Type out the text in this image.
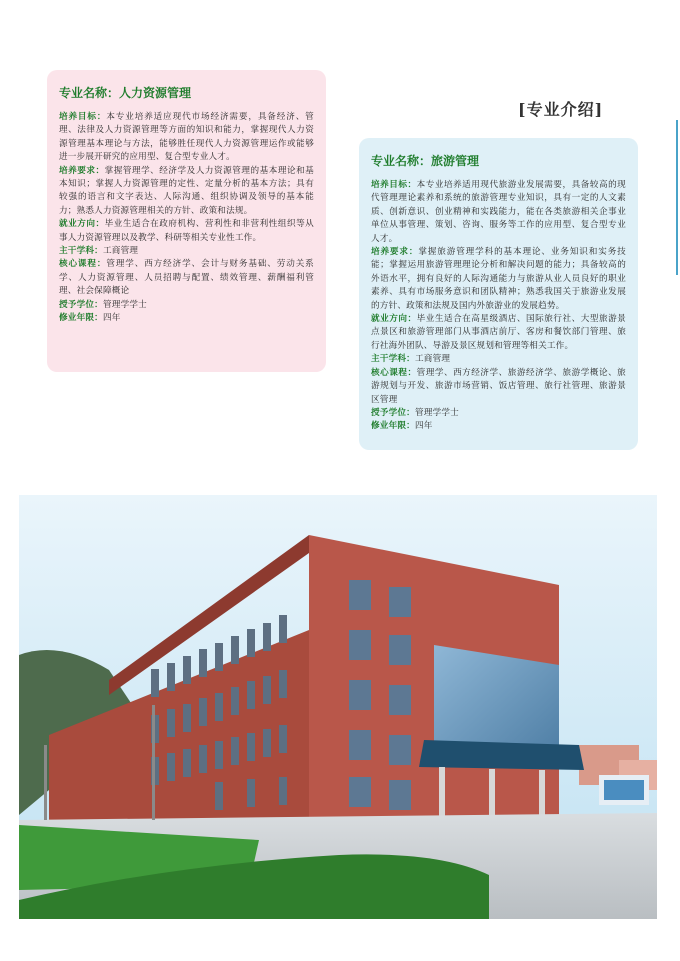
[专业介绍]
专业名称：人力资源管理

培养目标：本专业培养适应现代市场经济需要，具备经济、管理、法律及人力资源管理等方面的知识和能力，掌握现代人力资源管理基本理论与方法，能够胜任现代人力资源管理运作或能够进一步展开研究的应用型、复合型专业人才。

培养要求：掌握管理学、经济学及人力资源管理的基本理论和基本知识；掌握人力资源管理的定性、定量分析的基本方法；具有较强的语言和文字表达、人际沟通、组织协调及领导的基本能力；熟悉人力资源管理相关的方针、政策和法规。

就业方向：毕业生适合在政府机构、营利性和非营利性组织等从事人力资源管理以及教学、科研等相关专业性工作。

主干学科：工商管理

核心课程：管理学、西方经济学、会计与财务基础、劳动关系学、人力资源管理、人员招聘与配置、绩效管理、薪酬福利管理、社会保障概论

授予学位：管理学学士

修业年限：四年

专业名称：旅游管理

培养目标：本专业培养适用现代旅游业发展需要，具备较高的现代管理理论素养和系统的旅游管理专业知识，具有一定的人文素质、创新意识、创业精神和实践能力，能在各类旅游相关企事业单位从事管理、策划、咨询、服务等工作的应用型、复合型专业人才。

培养要求：掌握旅游管理学科的基本理论、业务知识和实务技能；掌握运用旅游管理理论分析和解决问题的能力；具备较高的外语水平，拥有良好的人际沟通能力与旅游从业人员良好的职业素养、具有市场服务意识和团队精神；熟悉我国关于旅游业发展的方针、政策和法规及国内外旅游业的发展趋势。

就业方向：毕业生适合在高星级酒店、国际旅行社、大型旅游景点景区和旅游管理部门从事酒店前厅、客房和餐饮部门管理、旅行社海外团队、导游及景区规划和管理等相关工作。

主干学科：工商管理

核心课程：管理学、西方经济学、旅游经济学、旅游学概论、旅游规划与开发、旅游市场营销、饭店管理、旅行社管理、旅游景区管理

授予学位：管理学学士

修业年限：四年
